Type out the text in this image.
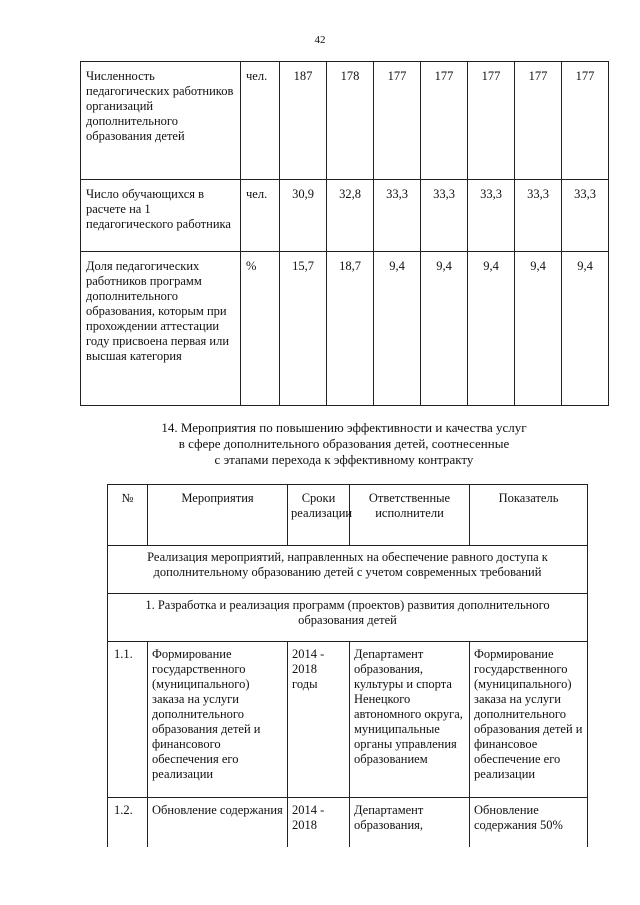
42
Численность педагогических работников организаций дополнительного образования детей	чел.	187	178	177	177	177	177	177
Число обучающихся в расчете на 1 педагогического работника	чел.	30,9	32,8	33,3	33,3	33,3	33,3	33,3
Доля педагогических работников программ дополнительного образования, которым при прохождении аттестации году присвоена первая или высшая категория	%	15,7	18,7	9,4	9,4	9,4	9,4	9,4
14. Мероприятия по повышению эффективности и качества услуг
в сфере дополнительного образования детей, соотнесенные
с этапами перехода к эффективному контракту
№	Мероприятия	Сроки реализации	Ответственные исполнители	Показатель
Реализация мероприятий, направленных на обеспечение равного доступа к дополнительному образованию детей с учетом современных требований				
1. Разработка и реализация программ (проектов) развития дополнительного образования детей				
1.1.	Формирование государственного (муниципального) заказа на услуги дополнительного образования детей и финансового обеспечения его реализации	2014 - 2018 годы	Департамент образования, культуры и спорта Ненецкого автономного округа, муниципальные органы управления образованием	Формирование государственного (муниципального) заказа на услуги дополнительного образования детей и финансовое обеспечение его реализации
1.2.	Обновление содержания	2014 - 2018	Департамент образования,	Обновление содержания 50%
